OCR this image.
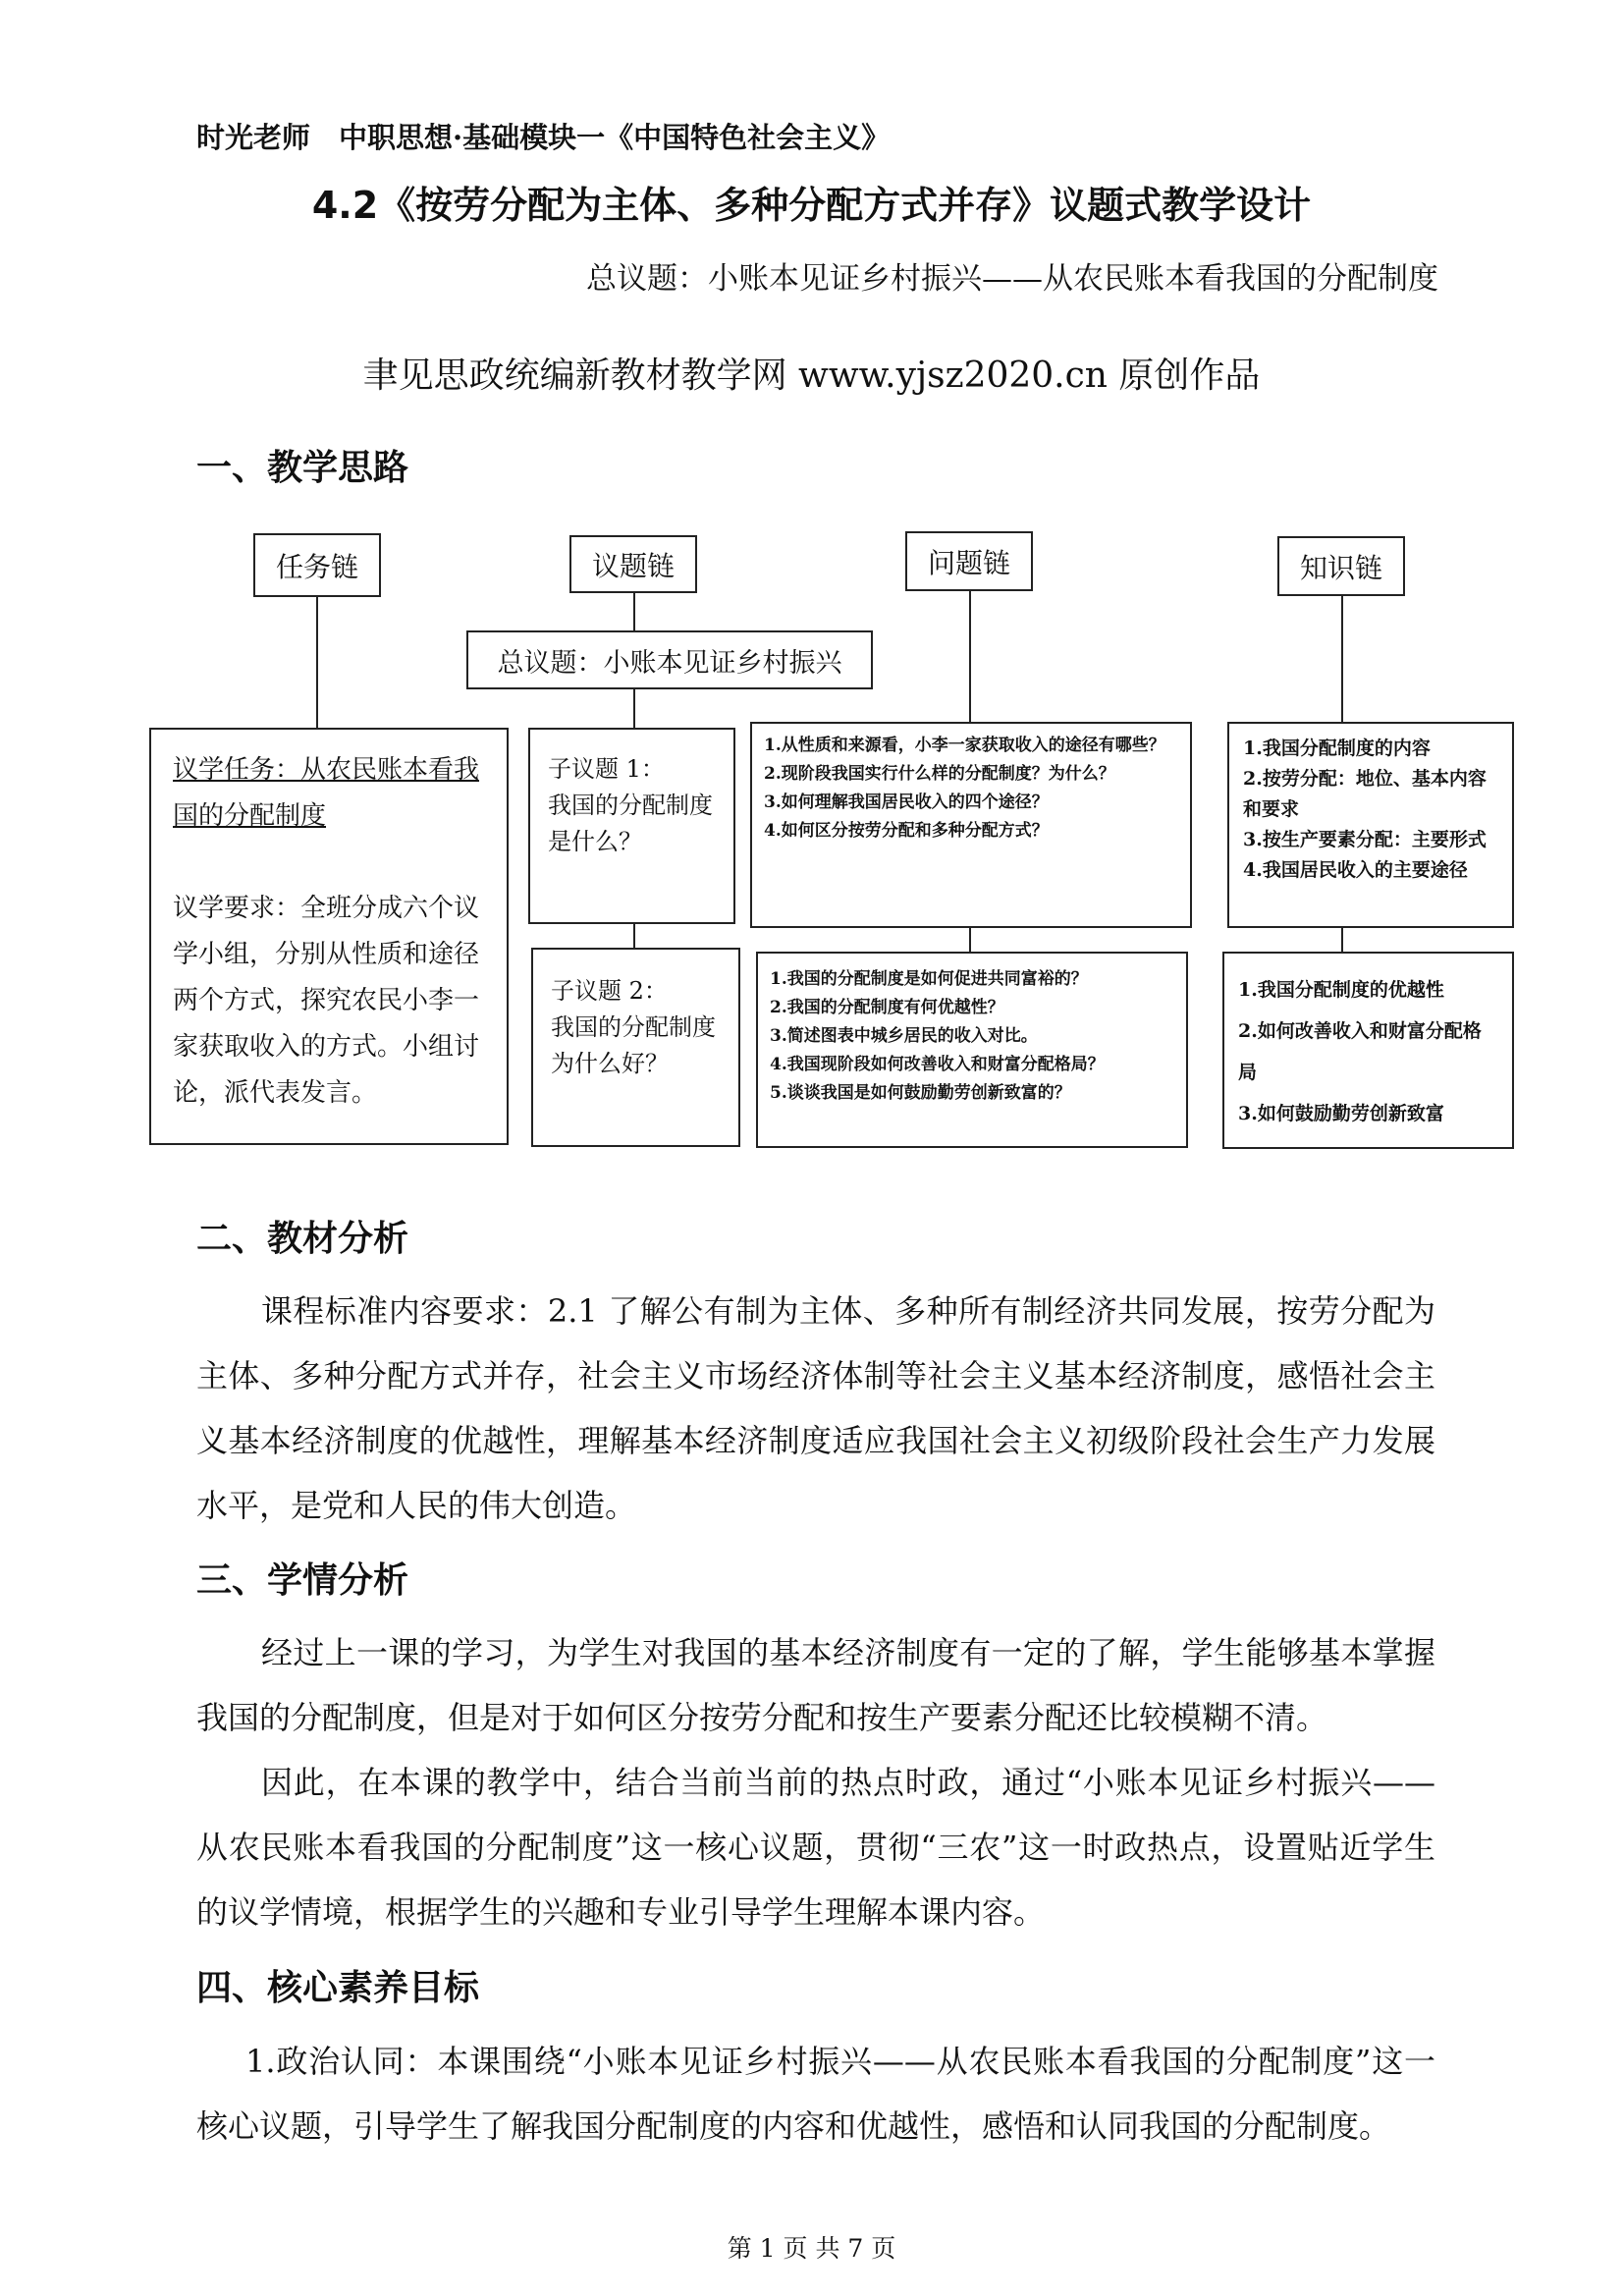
时光老师　中职思想·基础模块一《中国特色社会主义》
4.2《按劳分配为主体、多种分配方式并存》议题式教学设计
总议题：小账本见证乡村振兴——从农民账本看我国的分配制度
聿见思政统编新教材教学网 www.yjsz2020.cn 原创作品
一、教学思路
任务链	议题链	问题链	知识链
总议题：小账本见证乡村振兴
议学任务：从农民账本看我国的分配制度
议学要求：全班分成六个议学小组，分别从性质和途径两个方式，探究农民小李一家获取收入的方式。小组讨论，派代表发言。
子议题 1：
我国的分配制度是什么？
子议题 2：
我国的分配制度为什么好？
1.从性质和来源看，小李一家获取收入的途径有哪些？
2.现阶段我国实行什么样的分配制度？为什么？
3.如何理解我国居民收入的四个途径？
4.如何区分按劳分配和多种分配方式？
1.我国的分配制度是如何促进共同富裕的？
2.我国的分配制度有何优越性？
3.简述图表中城乡居民的收入对比。
4.我国现阶段如何改善收入和财富分配格局？
5.谈谈我国是如何鼓励勤劳创新致富的？
1.我国分配制度的内容
2.按劳分配：地位、基本内容和要求
3.按生产要素分配：主要形式
4.我国居民收入的主要途径
1.我国分配制度的优越性
2.如何改善收入和财富分配格局
3.如何鼓励勤劳创新致富
二、教材分析

课程标准内容要求：2.1 了解公有制为主体、多种所有制经济共同发展，按劳分配为主体、多种分配方式并存，社会主义市场经济体制等社会主义基本经济制度，感悟社会主义基本经济制度的优越性，理解基本经济制度适应我国社会主义初级阶段社会生产力发展水平，是党和人民的伟大创造。

三、学情分析

经过上一课的学习，为学生对我国的基本经济制度有一定的了解，学生能够基本掌握我国的分配制度，但是对于如何区分按劳分配和按生产要素分配还比较模糊不清。

因此，在本课的教学中，结合当前当前的热点时政，通过“小账本见证乡村振兴——从农民账本看我国的分配制度”这一核心议题，贯彻“三农”这一时政热点，设置贴近学生的议学情境，根据学生的兴趣和专业引导学生理解本课内容。

四、核心素养目标

1.政治认同：本课围绕“小账本见证乡村振兴——从农民账本看我国的分配制度”这一核心议题，引导学生了解我国分配制度的内容和优越性，感悟和认同我国的分配制度。

第 1 页 共 7 页
